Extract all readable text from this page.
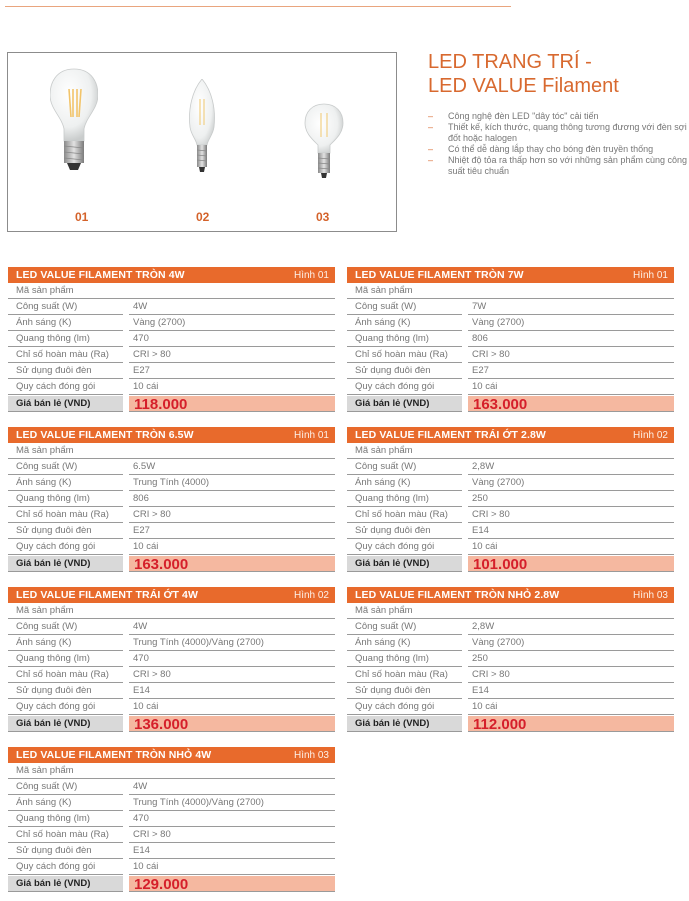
01	02	03
LED TRANG TRÍ -
LED VALUE Filament
– Công nghệ đèn LED "dây tóc" cải tiến
– Thiết kế, kích thước, quang thông tương đương với đèn sợi đốt hoặc halogen
– Có thể dễ dàng lắp thay cho bóng đèn truyền thống
– Nhiệt độ tỏa ra thấp hơn so với những sản phẩm cùng công suất tiêu chuẩn
LED VALUE FILAMENT TRÒN 4W	Hình 01
Mã sản phẩm
Công suất (W)	4W
Ánh sáng (K)	Vàng (2700)
Quang thông (lm)	470
Chỉ số hoàn màu (Ra)	CRI > 80
Sử dụng đuôi đèn	E27
Quy cách đóng gói	10 cái
Giá bán lẻ (VND)	118.000
LED VALUE FILAMENT TRÒN 7W	Hình 01
Mã sản phẩm
Công suất (W)	7W
Ánh sáng (K)	Vàng (2700)
Quang thông (lm)	806
Chỉ số hoàn màu (Ra)	CRI > 80
Sử dụng đuôi đèn	E27
Quy cách đóng gói	10 cái
Giá bán lẻ (VND)	163.000
LED VALUE FILAMENT TRÒN 6.5W	Hình 01
Mã sản phẩm
Công suất (W)	6.5W
Ánh sáng (K)	Trung Tính (4000)
Quang thông (lm)	806
Chỉ số hoàn màu (Ra)	CRI > 80
Sử dụng đuôi đèn	E27
Quy cách đóng gói	10 cái
Giá bán lẻ (VND)	163.000
LED VALUE FILAMENT TRÁI ỚT 2.8W	Hình 02
Mã sản phẩm
Công suất (W)	2,8W
Ánh sáng (K)	Vàng (2700)
Quang thông (lm)	250
Chỉ số hoàn màu (Ra)	CRI > 80
Sử dụng đuôi đèn	E14
Quy cách đóng gói	10 cái
Giá bán lẻ (VND)	101.000
LED VALUE FILAMENT TRÁI ỚT 4W	Hình 02
Mã sản phẩm
Công suất (W)	4W
Ánh sáng (K)	Trung Tính (4000)/Vàng (2700)
Quang thông (lm)	470
Chỉ số hoàn màu (Ra)	CRI > 80
Sử dụng đuôi đèn	E14
Quy cách đóng gói	10 cái
Giá bán lẻ (VND)	136.000
LED VALUE FILAMENT TRÒN NHỎ 2.8W	Hình 03
Mã sản phẩm
Công suất (W)	2,8W
Ánh sáng (K)	Vàng (2700)
Quang thông (lm)	250
Chỉ số hoàn màu (Ra)	CRI > 80
Sử dụng đuôi đèn	E14
Quy cách đóng gói	10 cái
Giá bán lẻ (VND)	112.000
LED VALUE FILAMENT TRÒN NHỎ 4W	Hình 03
Mã sản phẩm
Công suất (W)	4W
Ánh sáng (K)	Trung Tính (4000)/Vàng (2700)
Quang thông (lm)	470
Chỉ số hoàn màu (Ra)	CRI > 80
Sử dụng đuôi đèn	E14
Quy cách đóng gói	10 cái
Giá bán lẻ (VND)	129.000
